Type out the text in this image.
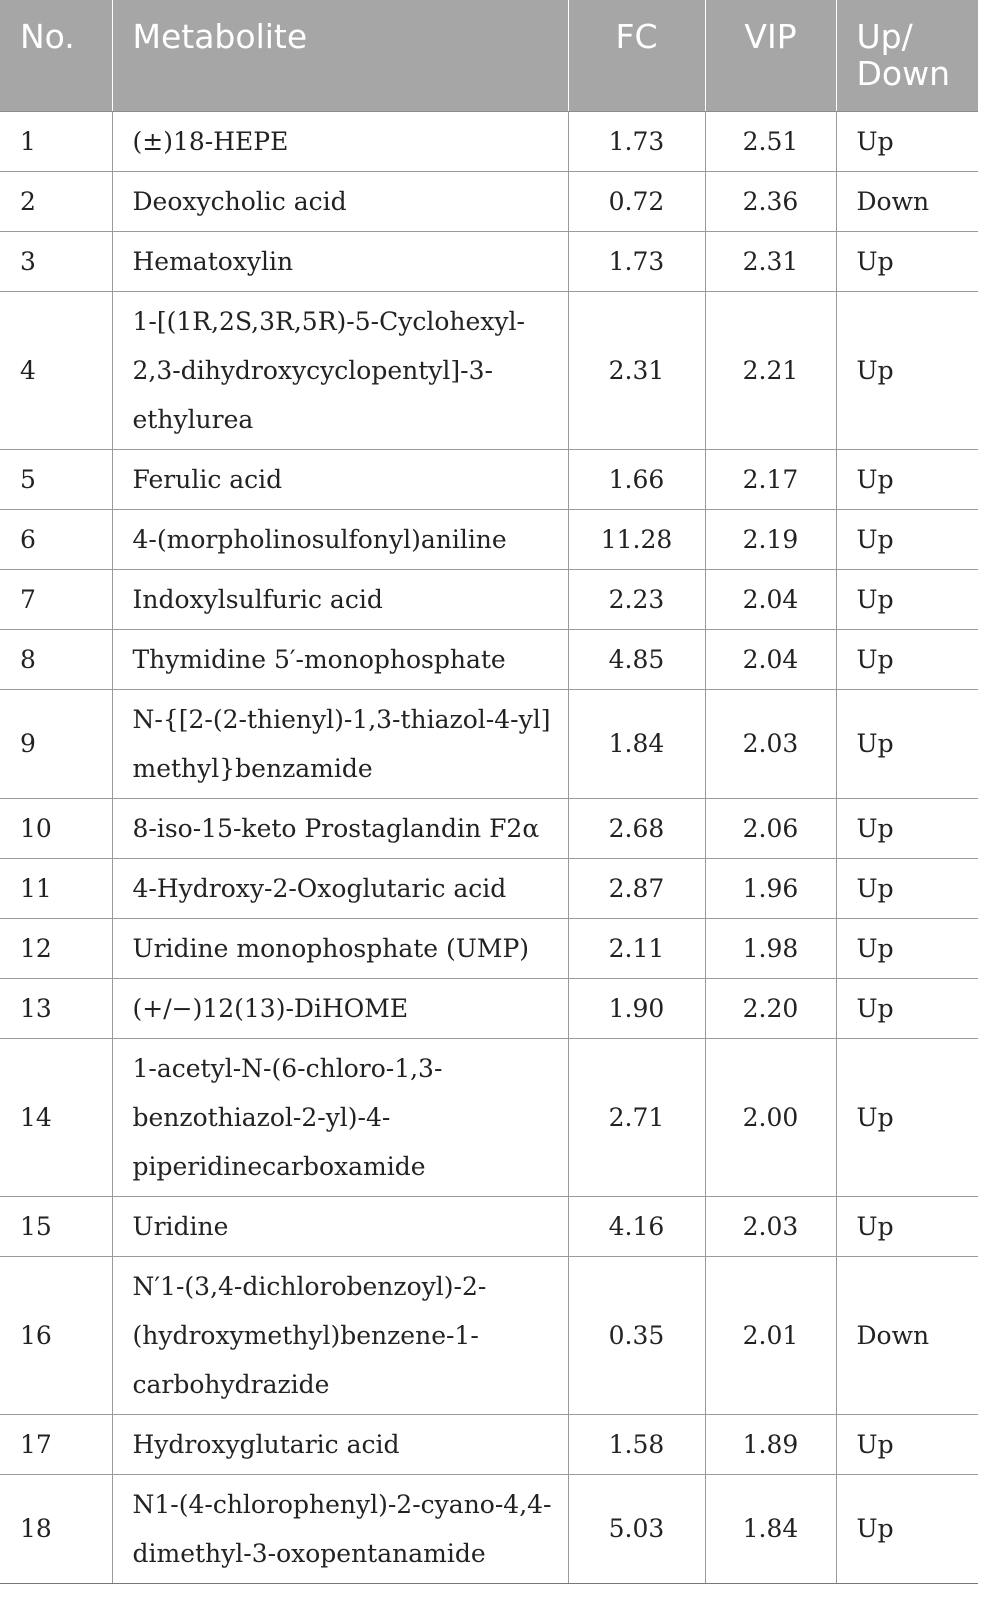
No.	Metabolite	FC	VIP	Up/ Down
1	(±)18-HEPE	1.73	2.51	Up
2	Deoxycholic acid	0.72	2.36	Down
3	Hematoxylin	1.73	2.31	Up
4	1-[(1R,2S,3R,5R)-5-Cyclohexyl-2,3-dihydroxycyclopentyl]-3-ethylurea	2.31	2.21	Up
5	Ferulic acid	1.66	2.17	Up
6	4-(morpholinosulfonyl)aniline	11.28	2.19	Up
7	Indoxylsulfuric acid	2.23	2.04	Up
8	Thymidine 5′-monophosphate	4.85	2.04	Up
9	N-{[2-(2-thienyl)-1,3-thiazol-4-yl] methyl}benzamide	1.84	2.03	Up
10	8-iso-15-keto Prostaglandin F2α	2.68	2.06	Up
11	4-Hydroxy-2-Oxoglutaric acid	2.87	1.96	Up
12	Uridine monophosphate (UMP)	2.11	1.98	Up
13	(+/−)12(13)-DiHOME	1.90	2.20	Up
14	1-acetyl-N-(6-chloro-1,3-benzothiazol-2-yl)-4-piperidinecarboxamide	2.71	2.00	Up
15	Uridine	4.16	2.03	Up
16	N′1-(3,4-dichlorobenzoyl)-2-(hydroxymethyl)benzene-1-carbohydrazide	0.35	2.01	Down
17	Hydroxyglutaric acid	1.58	1.89	Up
18	N1-(4-chlorophenyl)-2-cyano-4,4-dimethyl-3-oxopentanamide	5.03	1.84	Up
